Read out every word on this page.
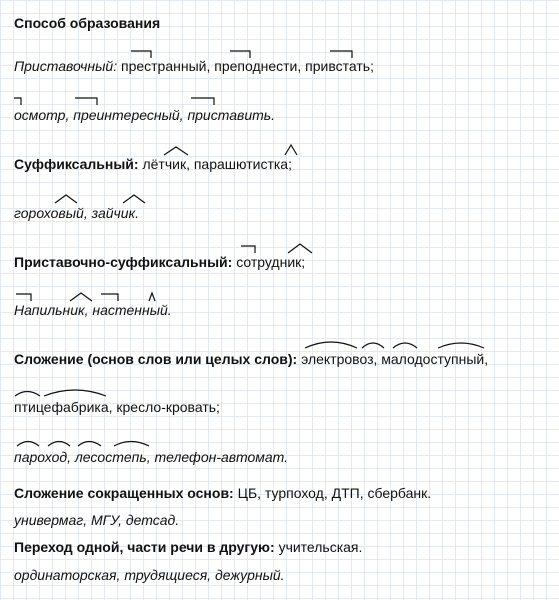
Способ образования
Приставочный: престранный, преподнести, привстать;
осмотр, преинтересный, приставить.
Суффиксальный: лётчик, парашютистка;
гороховый, зайчик.
Приставочно-суффиксальный: сотрудник;
Напильник, настенный.
Сложение (основ слов или целых слов): электровоз, малодоступный,
птицефабрика, кресло-кровать;
пароход, лесостепь, телефон-автомат.
Сложение сокращенных основ: ЦБ, турпоход, ДТП, сбербанк.
универмаг, МГУ, детсад.
Переход одной, части речи в другую: учительская.
ординаторская, трудящиеся, дежурный.
